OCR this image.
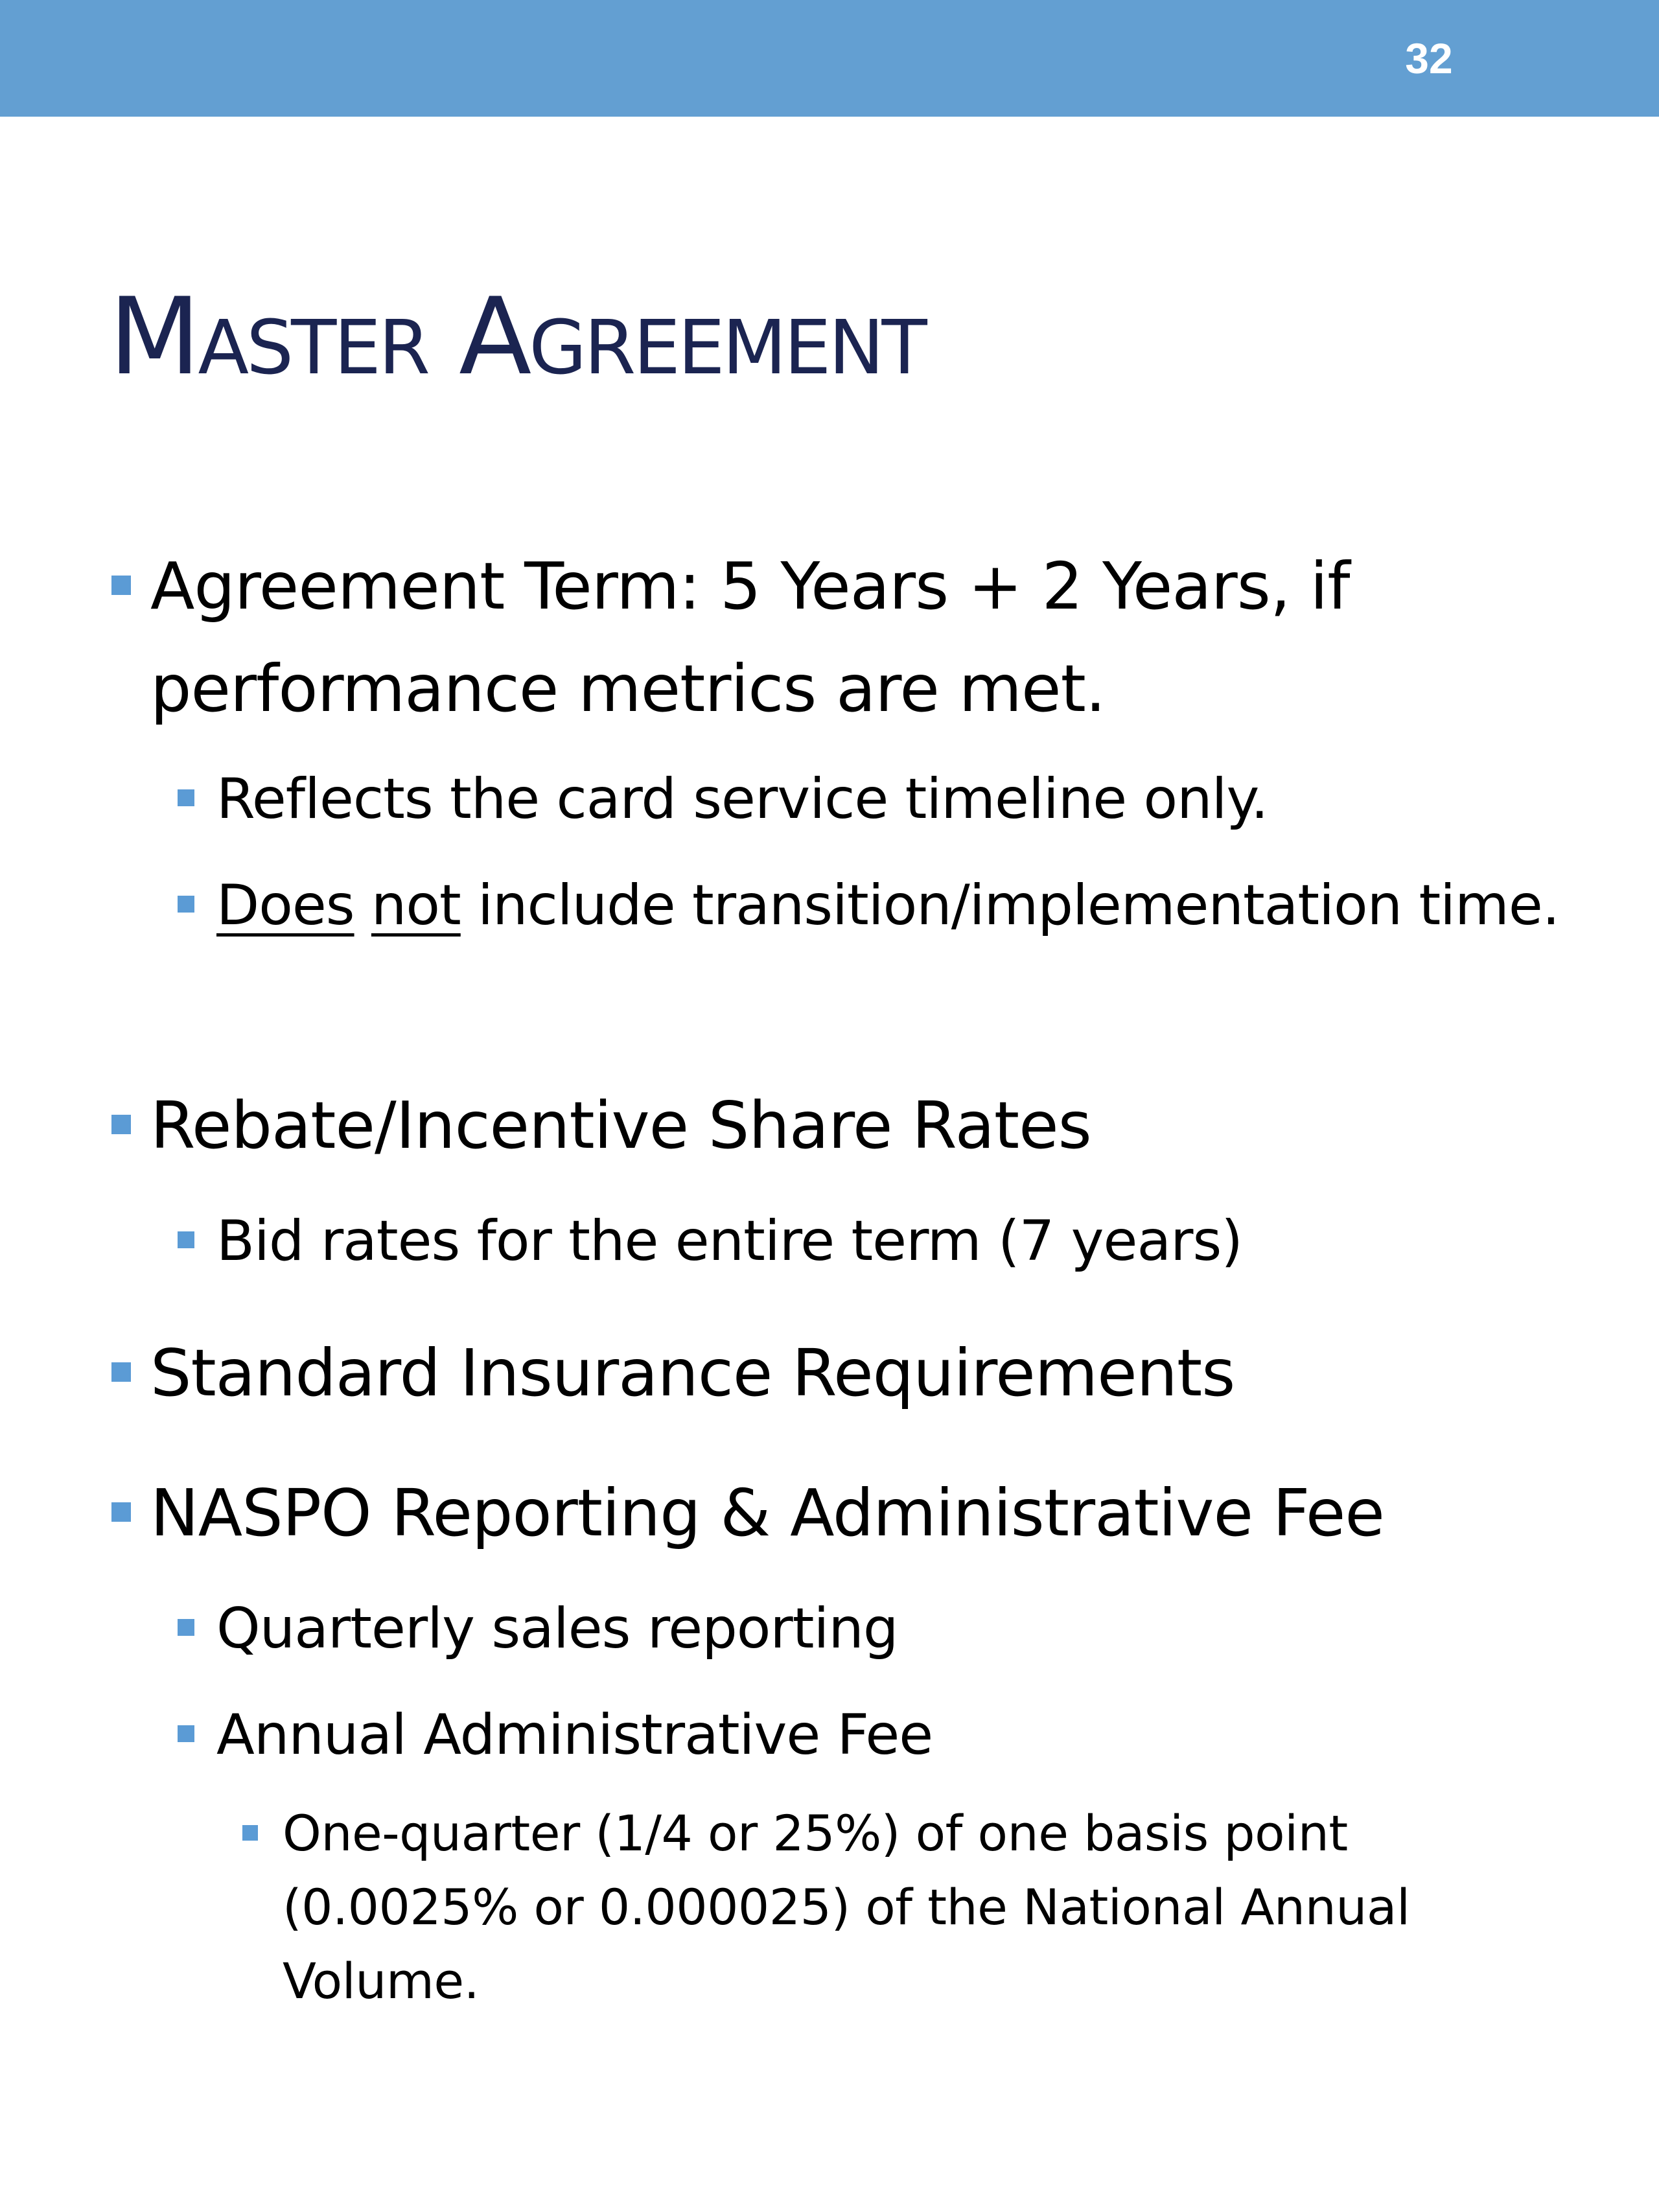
32
Master Agreement
Agreement Term: 5 Years + 2 Years, if performance metrics are met.
Reflects the card service timeline only.
Does not include transition/implementation time.
Rebate/Incentive Share Rates
Bid rates for the entire term (7 years)
Standard Insurance Requirements
NASPO Reporting & Administrative Fee
Quarterly sales reporting
Annual Administrative Fee
One-quarter (1/4 or 25%) of one basis point (0.0025% or 0.000025) of the National Annual Volume.
